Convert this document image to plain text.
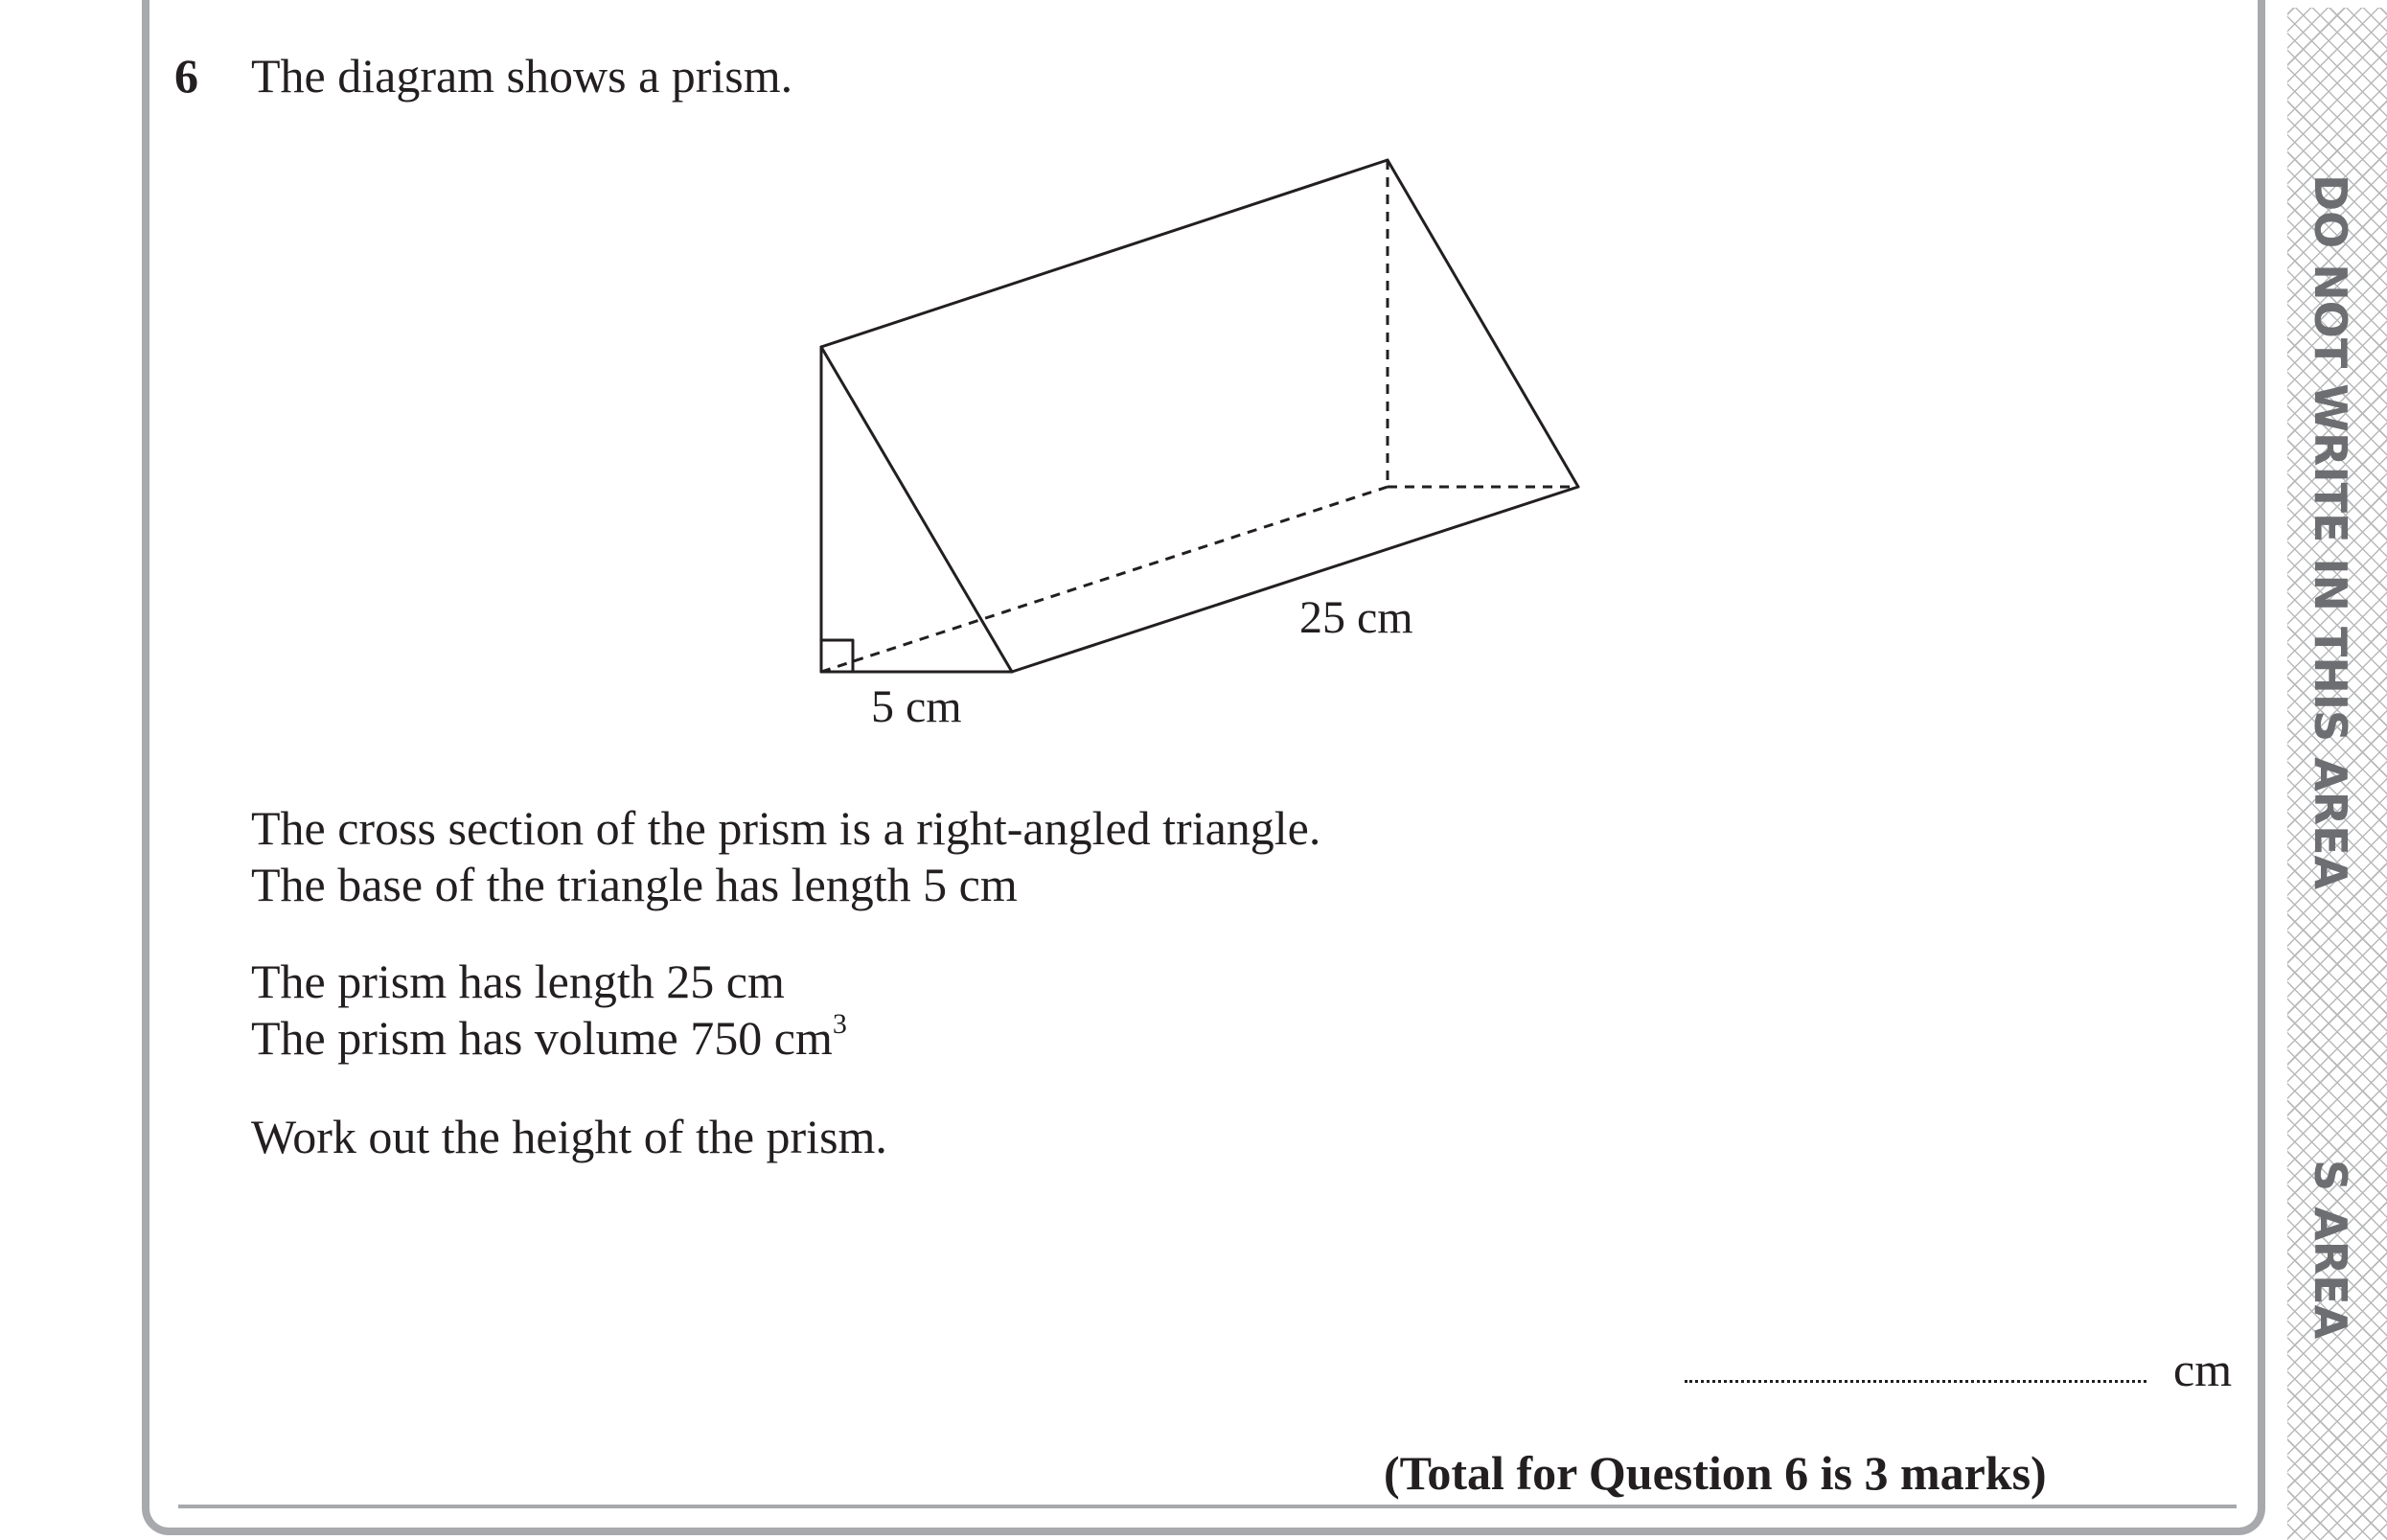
DO NOT WRITE IN THIS AREA
S AREA
6 The diagram shows a prism.
25 cm
5 cm
The cross section of the prism is a right-angled triangle.
The base of the triangle has length 5 cm
The prism has length 25 cm
The prism has volume 750 $cm^3$
Work out the height of the prism.
cm
(Total for Question 6 is 3 marks)
